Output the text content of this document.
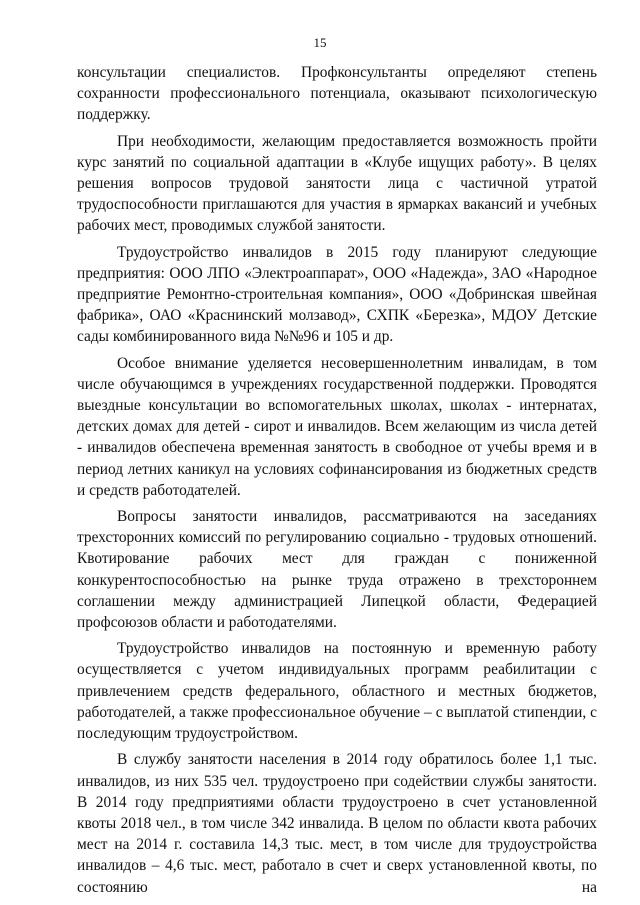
15

консультации специалистов. Профконсультанты определяют степень сохранности профессионального потенциала, оказывают психологическую поддержку.

При необходимости, желающим предоставляется возможность пройти курс занятий по социальной адаптации в «Клубе ищущих работу». В целях решения вопросов трудовой занятости лица с частичной утратой трудоспособности приглашаются для участия в ярмарках вакансий и учебных рабочих мест, проводимых службой занятости.

Трудоустройство инвалидов в 2015 году планируют следующие предприятия: ООО ЛПО «Электроаппарат», ООО «Надежда», ЗАО «Народное предприятие Ремонтно-строительная компания», ООО «Добринская швейная фабрика», ОАО «Краснинский молзавод», СХПК «Березка», МДОУ Детские сады комбинированного вида №№96 и 105 и др.

Особое внимание уделяется несовершеннолетним инвалидам, в том числе обучающимся в учреждениях государственной поддержки. Проводятся выездные консультации во вспомогательных школах, школах - интернатах, детских домах для детей - сирот и инвалидов. Всем желающим из числа детей - инвалидов обеспечена временная занятость в свободное от учебы время и в период летних каникул на условиях софинансирования из бюджетных средств и средств работодателей.

Вопросы занятости инвалидов, рассматриваются на заседаниях трехсторонних комиссий по регулированию социально - трудовых отношений. Квотирование рабочих мест для граждан с пониженной конкурентоспособностью на рынке труда отражено в трехстороннем соглашении между администрацией Липецкой области, Федерацией профсоюзов области и работодателями.

Трудоустройство инвалидов на постоянную и временную работу осуществляется с учетом индивидуальных программ реабилитации с привлечением средств федерального, областного и местных бюджетов, работодателей, а также профессиональное обучение – с выплатой стипендии, с последующим трудоустройством.

В службу занятости населения в 2014 году обратилось более 1,1 тыс. инвалидов, из них 535 чел. трудоустроено при содействии службы занятости. В 2014 году предприятиями области трудоустроено в счет установленной квоты 2018 чел., в том числе 342 инвалида. В целом по области квота рабочих мест на 2014 г. составила 14,3 тыс. мест, в том числе для трудоустройства инвалидов – 4,6 тыс. мест, работало в счет и сверх установленной квоты, по состоянию на
